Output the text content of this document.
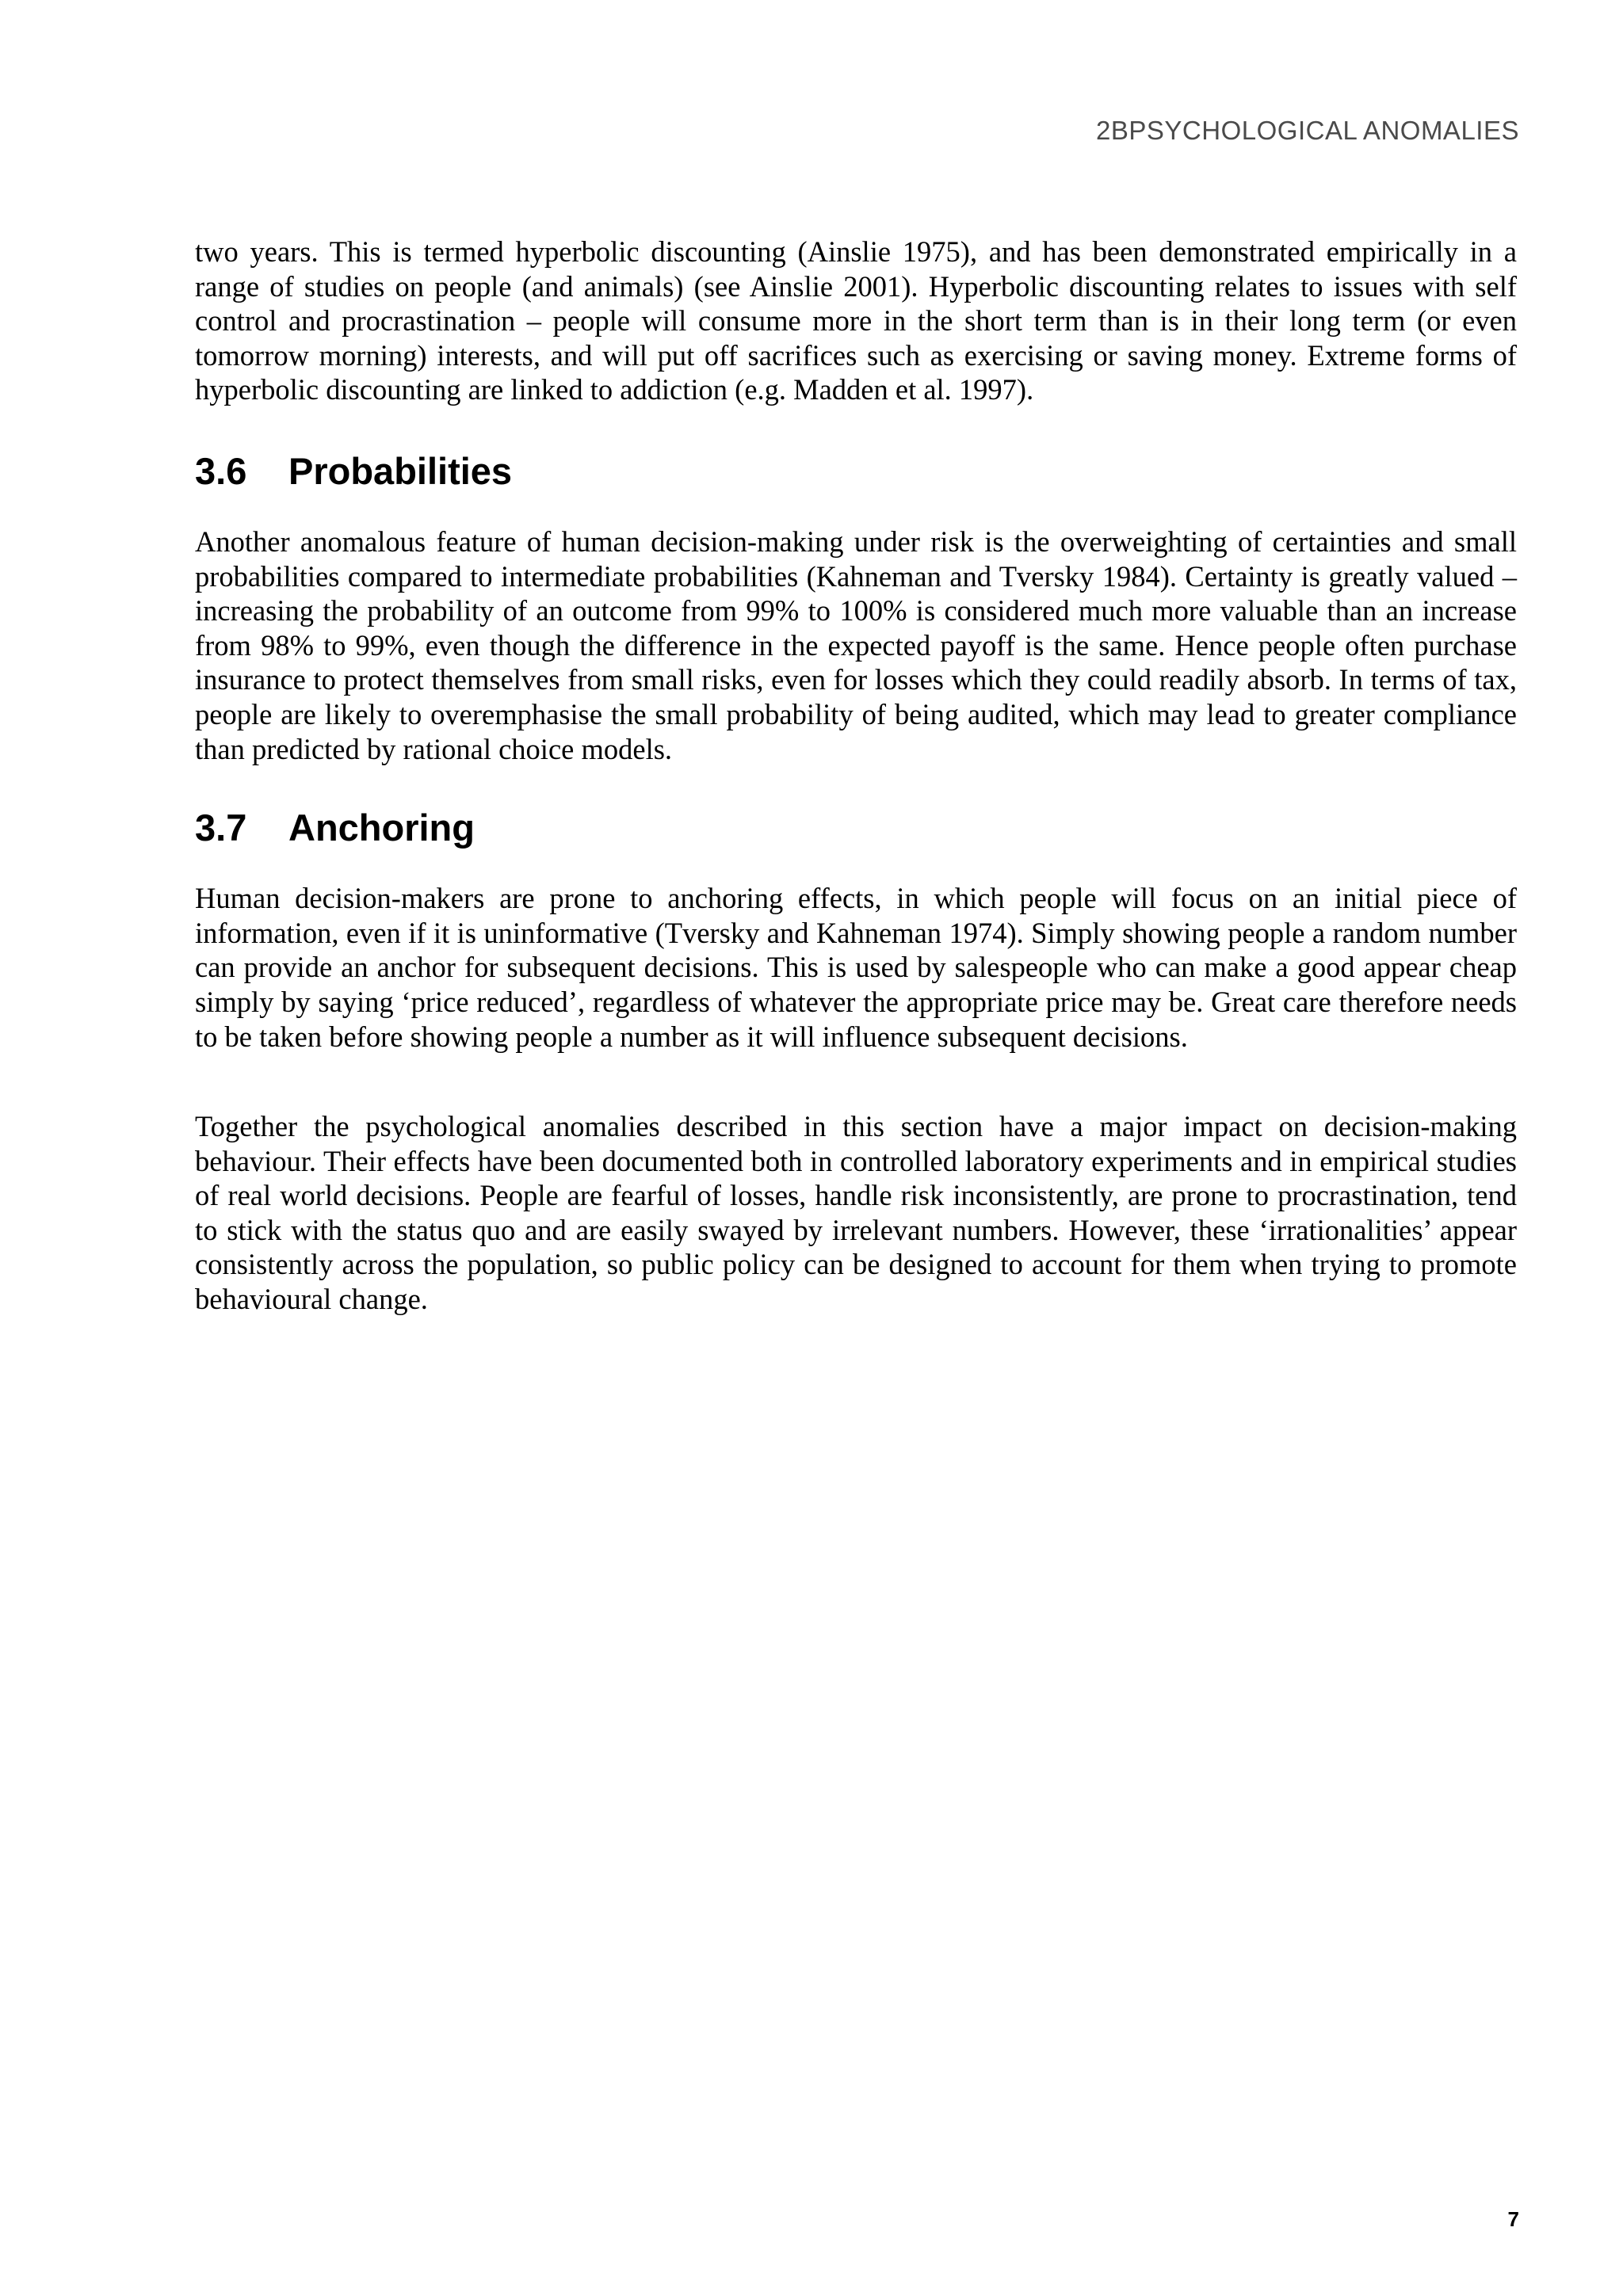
2BPSYCHOLOGICAL ANOMALIES

two years. This is termed hyperbolic discounting (Ainslie 1975), and has been demonstrated empirically in a range of studies on people (and animals) (see Ainslie 2001). Hyperbolic discounting relates to issues with self control and procrastination – people will consume more in the short term than is in their long term (or even tomorrow morning) interests, and will put off sacrifices such as exercising or saving money. Extreme forms of hyperbolic discounting are linked to addiction (e.g. Madden et al. 1997).

3.6	Probabilities

Another anomalous feature of human decision-making under risk is the overweighting of certainties and small probabilities compared to intermediate probabilities (Kahneman and Tversky 1984). Certainty is greatly valued – increasing the probability of an outcome from 99% to 100% is considered much more valuable than an increase from 98% to 99%, even though the difference in the expected payoff is the same. Hence people often purchase insurance to protect themselves from small risks, even for losses which they could readily absorb. In terms of tax, people are likely to overemphasise the small probability of being audited, which may lead to greater compliance than predicted by rational choice models.

3.7	Anchoring

Human decision-makers are prone to anchoring effects, in which people will focus on an initial piece of information, even if it is uninformative (Tversky and Kahneman 1974). Simply showing people a random number can provide an anchor for subsequent decisions. This is used by salespeople who can make a good appear cheap simply by saying ‘price reduced’, regardless of whatever the appropriate price may be. Great care therefore needs to be taken before showing people a number as it will influence subsequent decisions.

Together the psychological anomalies described in this section have a major impact on decision-making behaviour. Their effects have been documented both in controlled laboratory experiments and in empirical studies of real world decisions. People are fearful of losses, handle risk inconsistently, are prone to procrastination, tend to stick with the status quo and are easily swayed by irrelevant numbers. However, these ‘irrationalities’ appear consistently across the population, so public policy can be designed to account for them when trying to promote behavioural change.

7
